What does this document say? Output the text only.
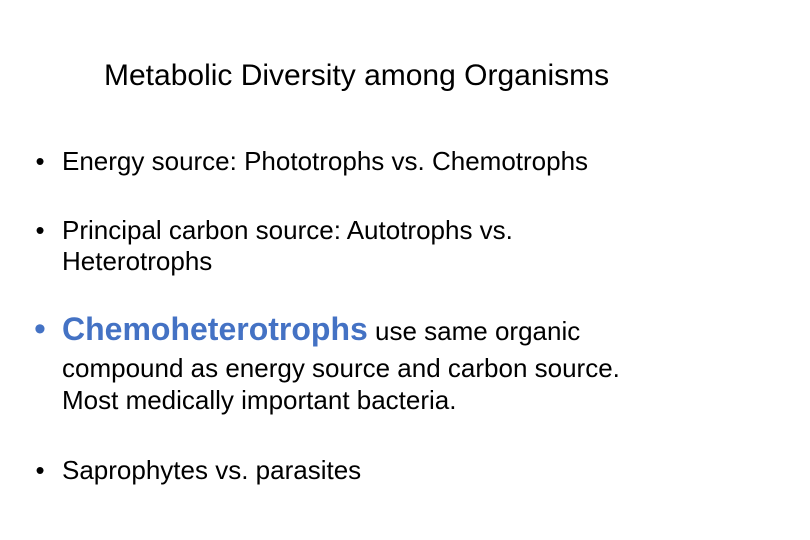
Metabolic Diversity among Organisms
• Energy source: Phototrophs vs. Chemotrophs
• Principal carbon source: Autotrophs vs.
Heterotrophs
• Chemoheterotrophs use same organic
compound as energy source and carbon source.
Most medically important bacteria.
• Saprophytes vs. parasites
